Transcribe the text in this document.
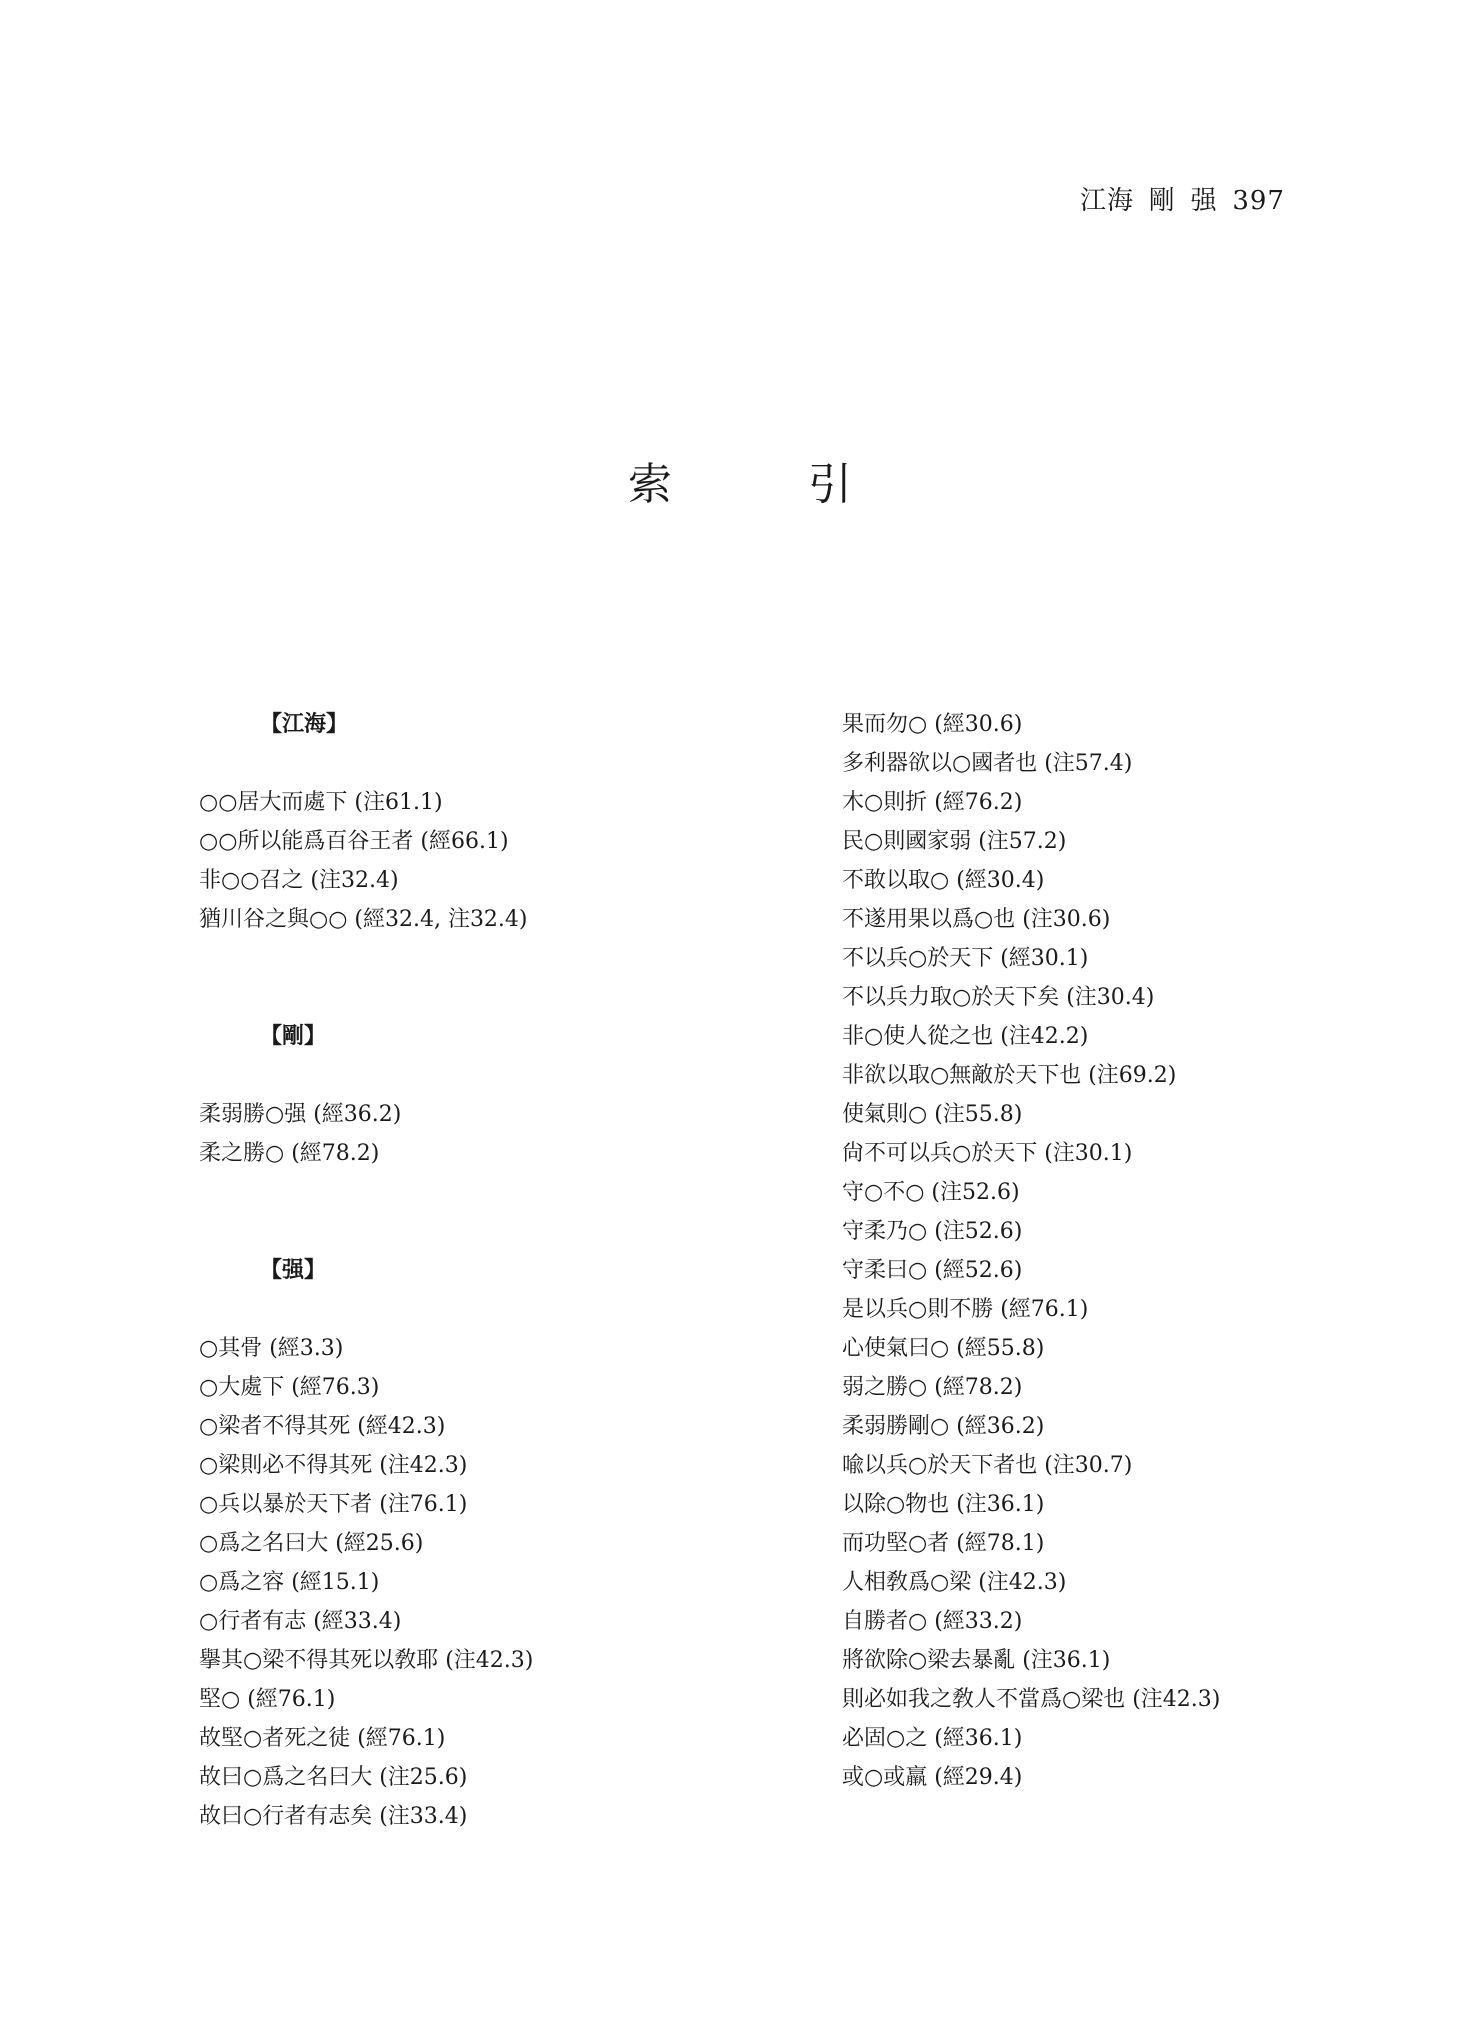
江海 剛 强 397
索　引
【江海】
○○居大而處下 (注61.1)
○○所以能爲百谷王者 (經66.1)
非○○召之 (注32.4)
猶川谷之與○○ (經32.4, 注32.4)
【剛】
柔弱勝○强 (經36.2)
柔之勝○ (經78.2)
【强】
○其骨 (經3.3)
○大處下 (經76.3)
○梁者不得其死 (經42.3)
○梁則必不得其死 (注42.3)
○兵以暴於天下者 (注76.1)
○爲之名曰大 (經25.6)
○爲之容 (經15.1)
○行者有志 (經33.4)
擧其○梁不得其死以敎耶 (注42.3)
堅○ (經76.1)
故堅○者死之徒 (經76.1)
故曰○爲之名曰大 (注25.6)
故曰○行者有志矣 (注33.4)
果而勿○ (經30.6)
多利器欲以○國者也 (注57.4)
木○則折 (經76.2)
民○則國家弱 (注57.2)
不敢以取○ (經30.4)
不遂用果以爲○也 (注30.6)
不以兵○於天下 (經30.1)
不以兵力取○於天下矣 (注30.4)
非○使人從之也 (注42.2)
非欲以取○無敵於天下也 (注69.2)
使氣則○ (注55.8)
尙不可以兵○於天下 (注30.1)
守○不○ (注52.6)
守柔乃○ (注52.6)
守柔曰○ (經52.6)
是以兵○則不勝 (經76.1)
心使氣曰○ (經55.8)
弱之勝○ (經78.2)
柔弱勝剛○ (經36.2)
喩以兵○於天下者也 (注30.7)
以除○物也 (注36.1)
而功堅○者 (經78.1)
人相敎爲○梁 (注42.3)
自勝者○ (經33.2)
將欲除○梁去暴亂 (注36.1)
則必如我之敎人不當爲○梁也 (注42.3)
必固○之 (經36.1)
或○或羸 (經29.4)
